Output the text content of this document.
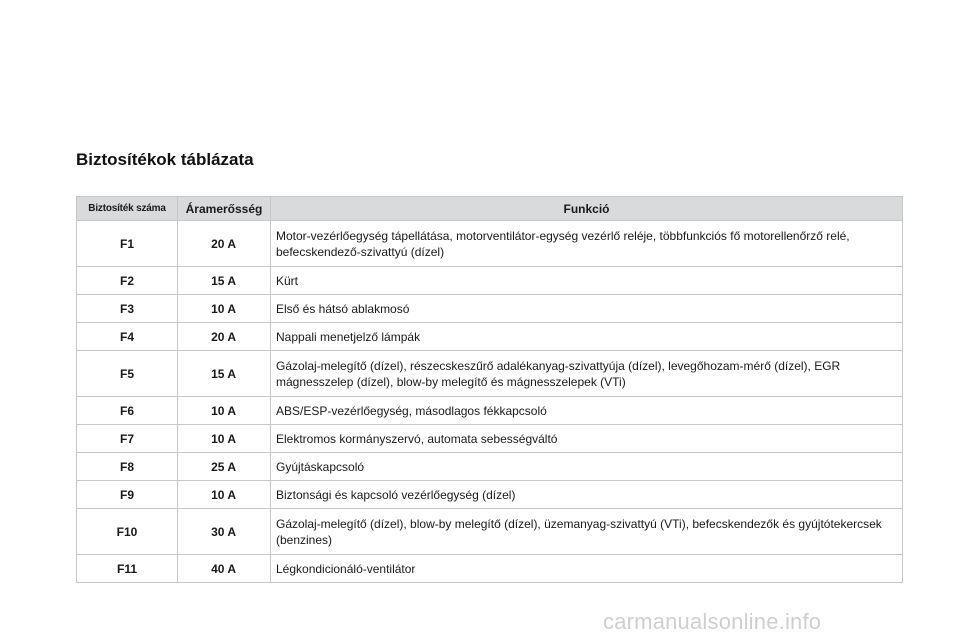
Biztosítékok táblázata
Biztosíték száma	Áramerősség	Funkció
F1	20 A	Motor-vezérlőegység tápellátása, motorventilátor-egység vezérlő reléje, többfunkciós fő motorellenőrző relé, befecskendező-szivattyú (dízel)
F2	15 A	Kürt
F3	10 A	Első és hátsó ablakmosó
F4	20 A	Nappali menetjelző lámpák
F5	15 A	Gázolaj-melegítő (dízel), részecskeszűrő adalékanyag-szivattyúja (dízel), levegőhozam-mérő (dízel), EGR mágnesszelep (dízel), blow-by melegítő és mágnesszelepek (VTi)
F6	10 A	ABS/ESP-vezérlőegység, másodlagos fékkapcsoló
F7	10 A	Elektromos kormányszervó, automata sebességváltó
F8	25 A	Gyújtáskapcsoló
F9	10 A	Biztonsági és kapcsoló vezérlőegység (dízel)
F10	30 A	Gázolaj-melegítő (dízel), blow-by melegítő (dízel), üzemanyag-szivattyú (VTi), befecskendezők és gyújtótekercsek (benzines)
F11	40 A	Légkondicionáló-ventilátor
carmanualsonline.info
